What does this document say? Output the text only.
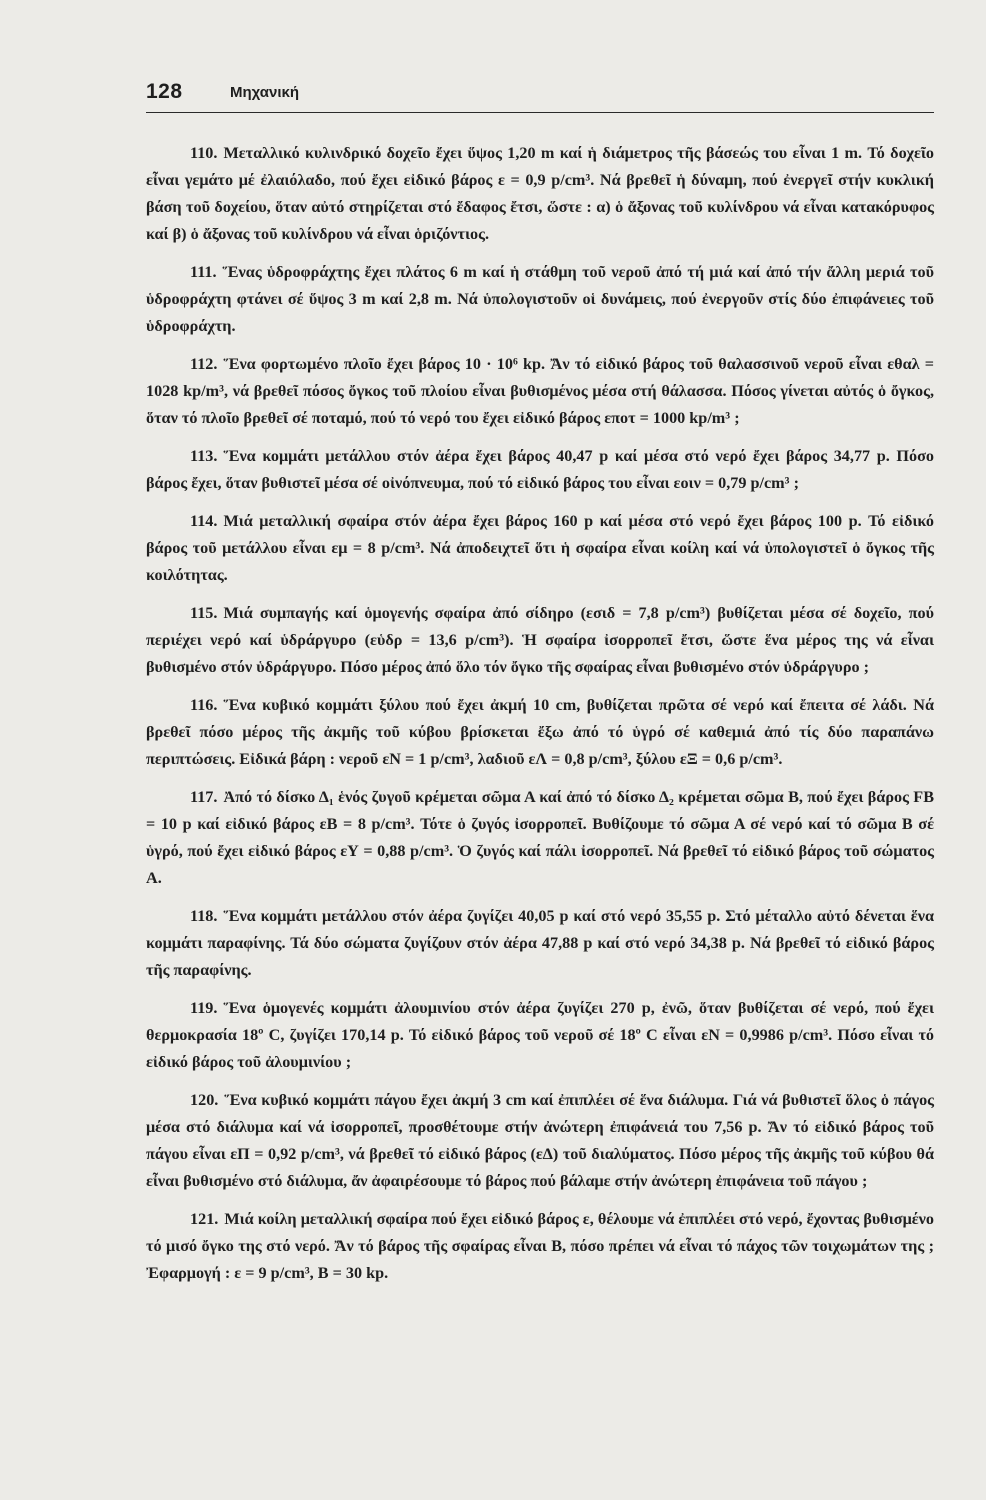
128	Μηχανική

110. Μεταλλικό κυλινδρικό δοχεῖο ἔχει ὕψος 1,20 m καί ἡ διάμετρος τῆς βάσεώς του εἶναι 1 m. Τό δοχεῖο εἶναι γεμάτο μέ ἐλαιόλαδο, πού ἔχει εἰδικό βάρος ε = 0,9 p/cm³. Νά βρεθεῖ ἡ δύναμη, πού ἐνεργεῖ στήν κυκλική βάση τοῦ δοχείου, ὅταν αὐτό στηρίζεται στό ἔδαφος ἔτσι, ὥστε : α) ὁ ἄξονας τοῦ κυλίνδρου νά εἶναι κατακόρυφος καί β) ὁ ἄξονας τοῦ κυλίνδρου νά εἶναι ὁριζόντιος.

111. Ἕνας ὑδροφράχτης ἔχει πλάτος 6 m καί ἡ στάθμη τοῦ νεροῦ ἀπό τή μιά καί ἀπό τήν ἄλλη μεριά τοῦ ὑδροφράχτη φτάνει σέ ὕψος 3 m καί 2,8 m. Νά ὑπολογιστοῦν οἱ δυνάμεις, πού ἐνεργοῦν στίς δύο ἐπιφάνειες τοῦ ὑδροφράχτη.

112. Ἕνα φορτωμένο πλοῖο ἔχει βάρος 10 · 10⁶ kp. Ἄν τό εἰδικό βάρος τοῦ θαλασσινοῦ νεροῦ εἶναι εθαλ = 1028 kp/m³, νά βρεθεῖ πόσος ὄγκος τοῦ πλοίου εἶναι βυθισμένος μέσα στή θάλασσα. Πόσος γίνεται αὐτός ὁ ὄγκος, ὅταν τό πλοῖο βρεθεῖ σέ ποταμό, πού τό νερό του ἔχει εἰδικό βάρος εποτ = 1000 kp/m³ ;

113. Ἕνα κομμάτι μετάλλου στόν ἀέρα ἔχει βάρος 40,47 p καί μέσα στό νερό ἔχει βάρος 34,77 p. Πόσο βάρος ἔχει, ὅταν βυθιστεῖ μέσα σέ οἰνόπνευμα, πού τό εἰδικό βάρος του εἶναι εοιν = 0,79 p/cm³ ;

114. Μιά μεταλλική σφαίρα στόν ἀέρα ἔχει βάρος 160 p καί μέσα στό νερό ἔχει βάρος 100 p. Τό εἰδικό βάρος τοῦ μετάλλου εἶναι εμ = 8 p/cm³. Νά ἀποδειχτεῖ ὅτι ἡ σφαίρα εἶναι κοίλη καί νά ὑπολογιστεῖ ὁ ὄγκος τῆς κοιλότητας.

115. Μιά συμπαγής καί ὁμογενής σφαίρα ἀπό σίδηρο (εσιδ = 7,8 p/cm³) βυθίζεται μέσα σέ δοχεῖο, πού περιέχει νερό καί ὑδράργυρο (εὑδρ = 13,6 p/cm³). Ἡ σφαίρα ἰσορροπεῖ ἔτσι, ὥστε ἕνα μέρος της νά εἶναι βυθισμένο στόν ὑδράργυρο. Πόσο μέρος ἀπό ὅλο τόν ὄγκο τῆς σφαίρας εἶναι βυθισμένο στόν ὑδράργυρο ;

116. Ἕνα κυβικό κομμάτι ξύλου πού ἔχει ἀκμή 10 cm, βυθίζεται πρῶτα σέ νερό καί ἔπειτα σέ λάδι. Νά βρεθεῖ πόσο μέρος τῆς ἀκμῆς τοῦ κύβου βρίσκεται ἔξω ἀπό τό ὑγρό σέ καθεμιά ἀπό τίς δύο παραπάνω περιπτώσεις. Εἰδικά βάρη : νεροῦ εΝ = 1 p/cm³, λαδιοῦ εΛ = 0,8 p/cm³, ξύλου εΞ = 0,6 p/cm³.

117. Ἀπό τό δίσκο Δ₁ ἑνός ζυγοῦ κρέμεται σῶμα Α καί ἀπό τό δίσκο Δ₂ κρέμεται σῶμα Β, πού ἔχει βάρος FΒ = 10 p καί εἰδικό βάρος εΒ = 8 p/cm³. Τότε ὁ ζυγός ἰσορροπεῖ. Βυθίζουμε τό σῶμα Α σέ νερό καί τό σῶμα Β σέ ὑγρό, πού ἔχει εἰδικό βάρος εΥ = 0,88 p/cm³. Ὁ ζυγός καί πάλι ἰσορροπεῖ. Νά βρεθεῖ τό εἰδικό βάρος τοῦ σώματος Α.

118. Ἕνα κομμάτι μετάλλου στόν ἀέρα ζυγίζει 40,05 p καί στό νερό 35,55 p. Στό μέταλλο αὐτό δένεται ἕνα κομμάτι παραφίνης. Τά δύο σώματα ζυγίζουν στόν ἀέρα 47,88 p καί στό νερό 34,38 p. Νά βρεθεῖ τό εἰδικό βάρος τῆς παραφίνης.

119. Ἕνα ὁμογενές κομμάτι ἀλουμινίου στόν ἀέρα ζυγίζει 270 p, ἐνῶ, ὅταν βυθίζεται σέ νερό, πού ἔχει θερμοκρασία 18º C, ζυγίζει 170,14 p. Τό εἰδικό βάρος τοῦ νεροῦ σέ 18º C εἶναι εΝ = 0,9986 p/cm³. Πόσο εἶναι τό εἰδικό βάρος τοῦ ἀλουμινίου ;

120. Ἕνα κυβικό κομμάτι πάγου ἔχει ἀκμή 3 cm καί ἐπιπλέει σέ ἕνα διάλυμα. Γιά νά βυθιστεῖ ὅλος ὁ πάγος μέσα στό διάλυμα καί νά ἰσορροπεῖ, προσθέτουμε στήν ἀνώτερη ἐπιφάνειά του 7,56 p. Ἄν τό εἰδικό βάρος τοῦ πάγου εἶναι εΠ = 0,92 p/cm³, νά βρεθεῖ τό εἰδικό βάρος (εΔ) τοῦ διαλύματος. Πόσο μέρος τῆς ἀκμῆς τοῦ κύβου θά εἶναι βυθισμένο στό διάλυμα, ἄν ἀφαιρέσουμε τό βάρος πού βάλαμε στήν ἀνώτερη ἐπιφάνεια τοῦ πάγου ;

121. Μιά κοίλη μεταλλική σφαίρα πού ἔχει εἰδικό βάρος ε, θέλουμε νά ἐπιπλέει στό νερό, ἔχοντας βυθισμένο τό μισό ὄγκο της στό νερό. Ἄν τό βάρος τῆς σφαίρας εἶναι Β, πόσο πρέπει νά εἶναι τό πάχος τῶν τοιχωμάτων της ; Ἐφαρμογή : ε = 9 p/cm³, Β = 30 kp.
